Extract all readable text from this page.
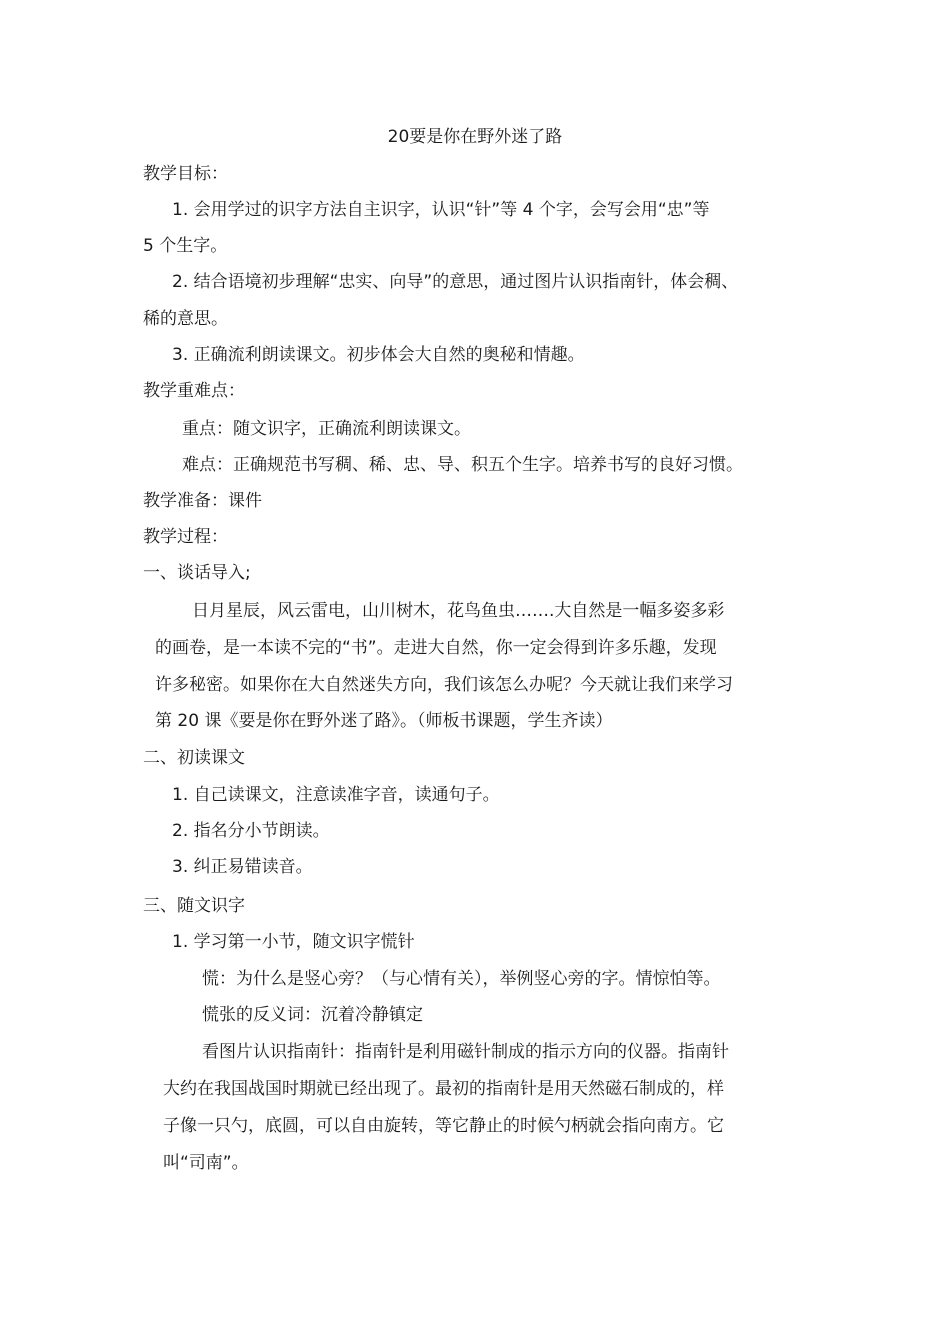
20要是你在野外迷了路

教学目标：

1. 会用学过的识字方法自主识字，认识“针”等 4 个字，会写会用“忠”等

5 个生字。

2. 结合语境初步理解“忠实、向导”的意思，通过图片认识指南针，体会稠、

稀的意思。

3. 正确流利朗读课文。初步体会大自然的奥秘和情趣。

教学重难点：

重点：随文识字，正确流利朗读课文。

难点：正确规范书写稠、稀、忠、导、积五个生字。培养书写的良好习惯。

教学准备：课件

教学过程：

一、谈话导入;

日月星辰，风云雷电，山川树木，花鸟鱼虫…….大自然是一幅多姿多彩

的画卷，是一本读不完的“书”。走进大自然，你一定会得到许多乐趣，发现

许多秘密。如果你在大自然迷失方向，我们该怎么办呢？今天就让我们来学习

第 20 课《要是你在野外迷了路》。（师板书课题，学生齐读）

二、初读课文

1. 自己读课文，注意读准字音，读通句子。

2. 指名分小节朗读。

3. 纠正易错读音。

三、随文识字

1. 学习第一小节，随文识字慌针

慌：为什么是竖心旁？（与心情有关），举例竖心旁的字。情惊怕等。

慌张的反义词：沉着冷静镇定

看图片认识指南针：指南针是利用磁针制成的指示方向的仪器。指南针

大约在我国战国时期就已经出现了。最初的指南针是用天然磁石制成的，样

子像一只勺，底圆，可以自由旋转，等它静止的时候勺柄就会指向南方。它

叫“司南”。
